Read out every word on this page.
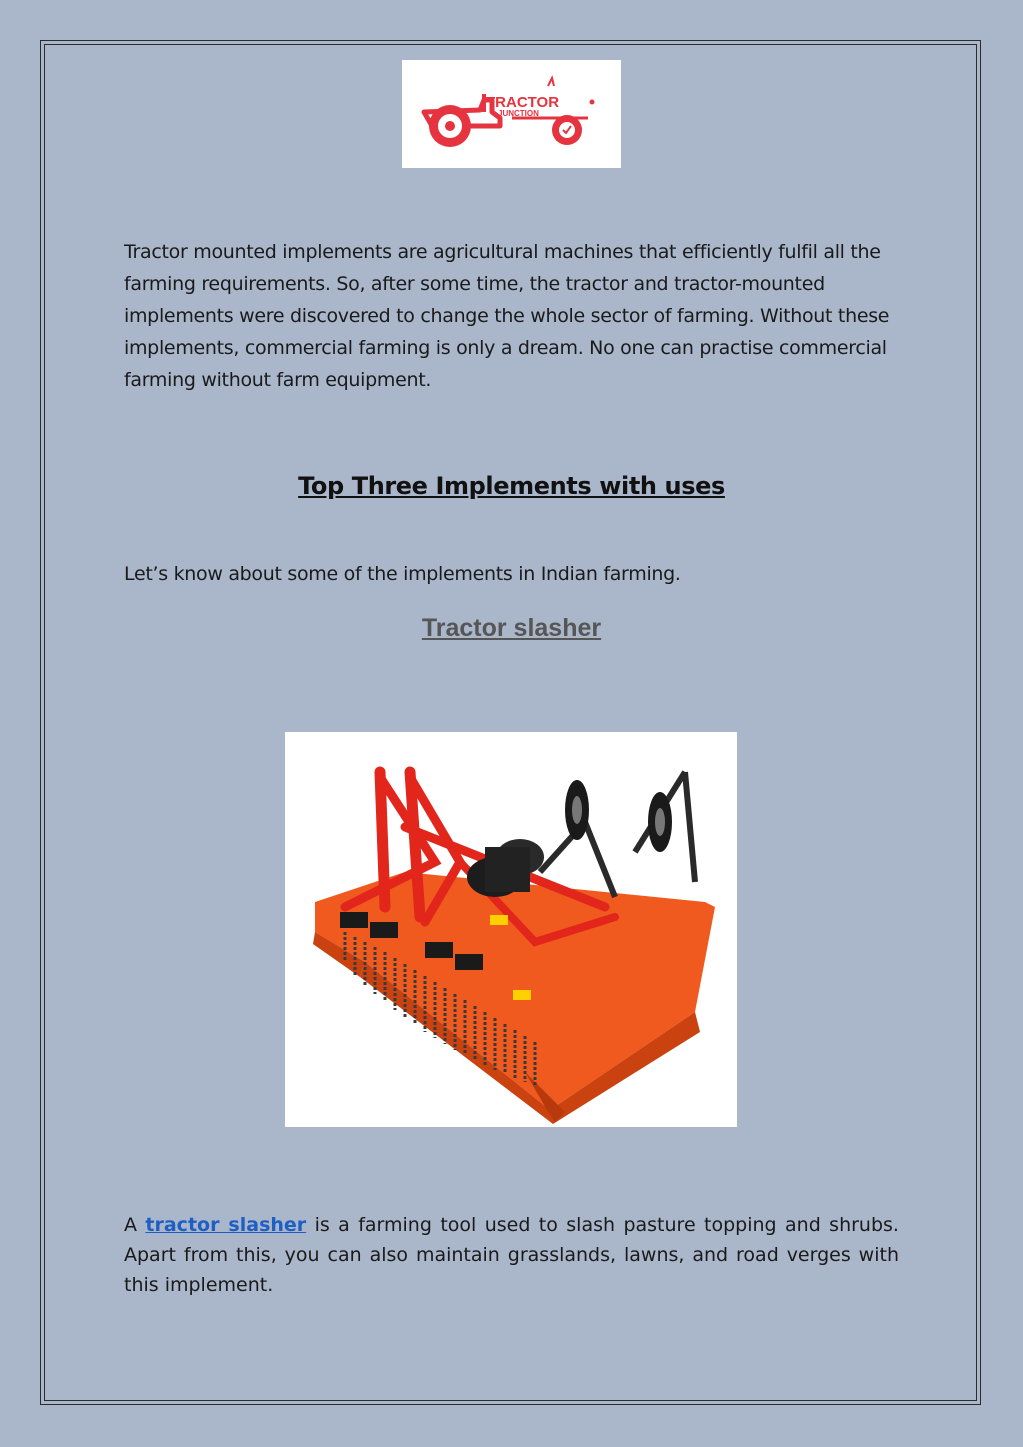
TRACTOR
JUNCTION

Tractor mounted implements are agricultural machines that efficiently fulfil all the farming requirements. So, after some time, the tractor and tractor-mounted implements were discovered to change the whole sector of farming. Without these implements, commercial farming is only a dream. No one can practise commercial farming without farm equipment.

Top Three Implements with uses

Let’s know about some of the implements in Indian farming.

Tractor slasher

A tractor slasher is a farming tool used to slash pasture topping and shrubs. Apart from this, you can also maintain grasslands, lawns, and road verges with this implement.
